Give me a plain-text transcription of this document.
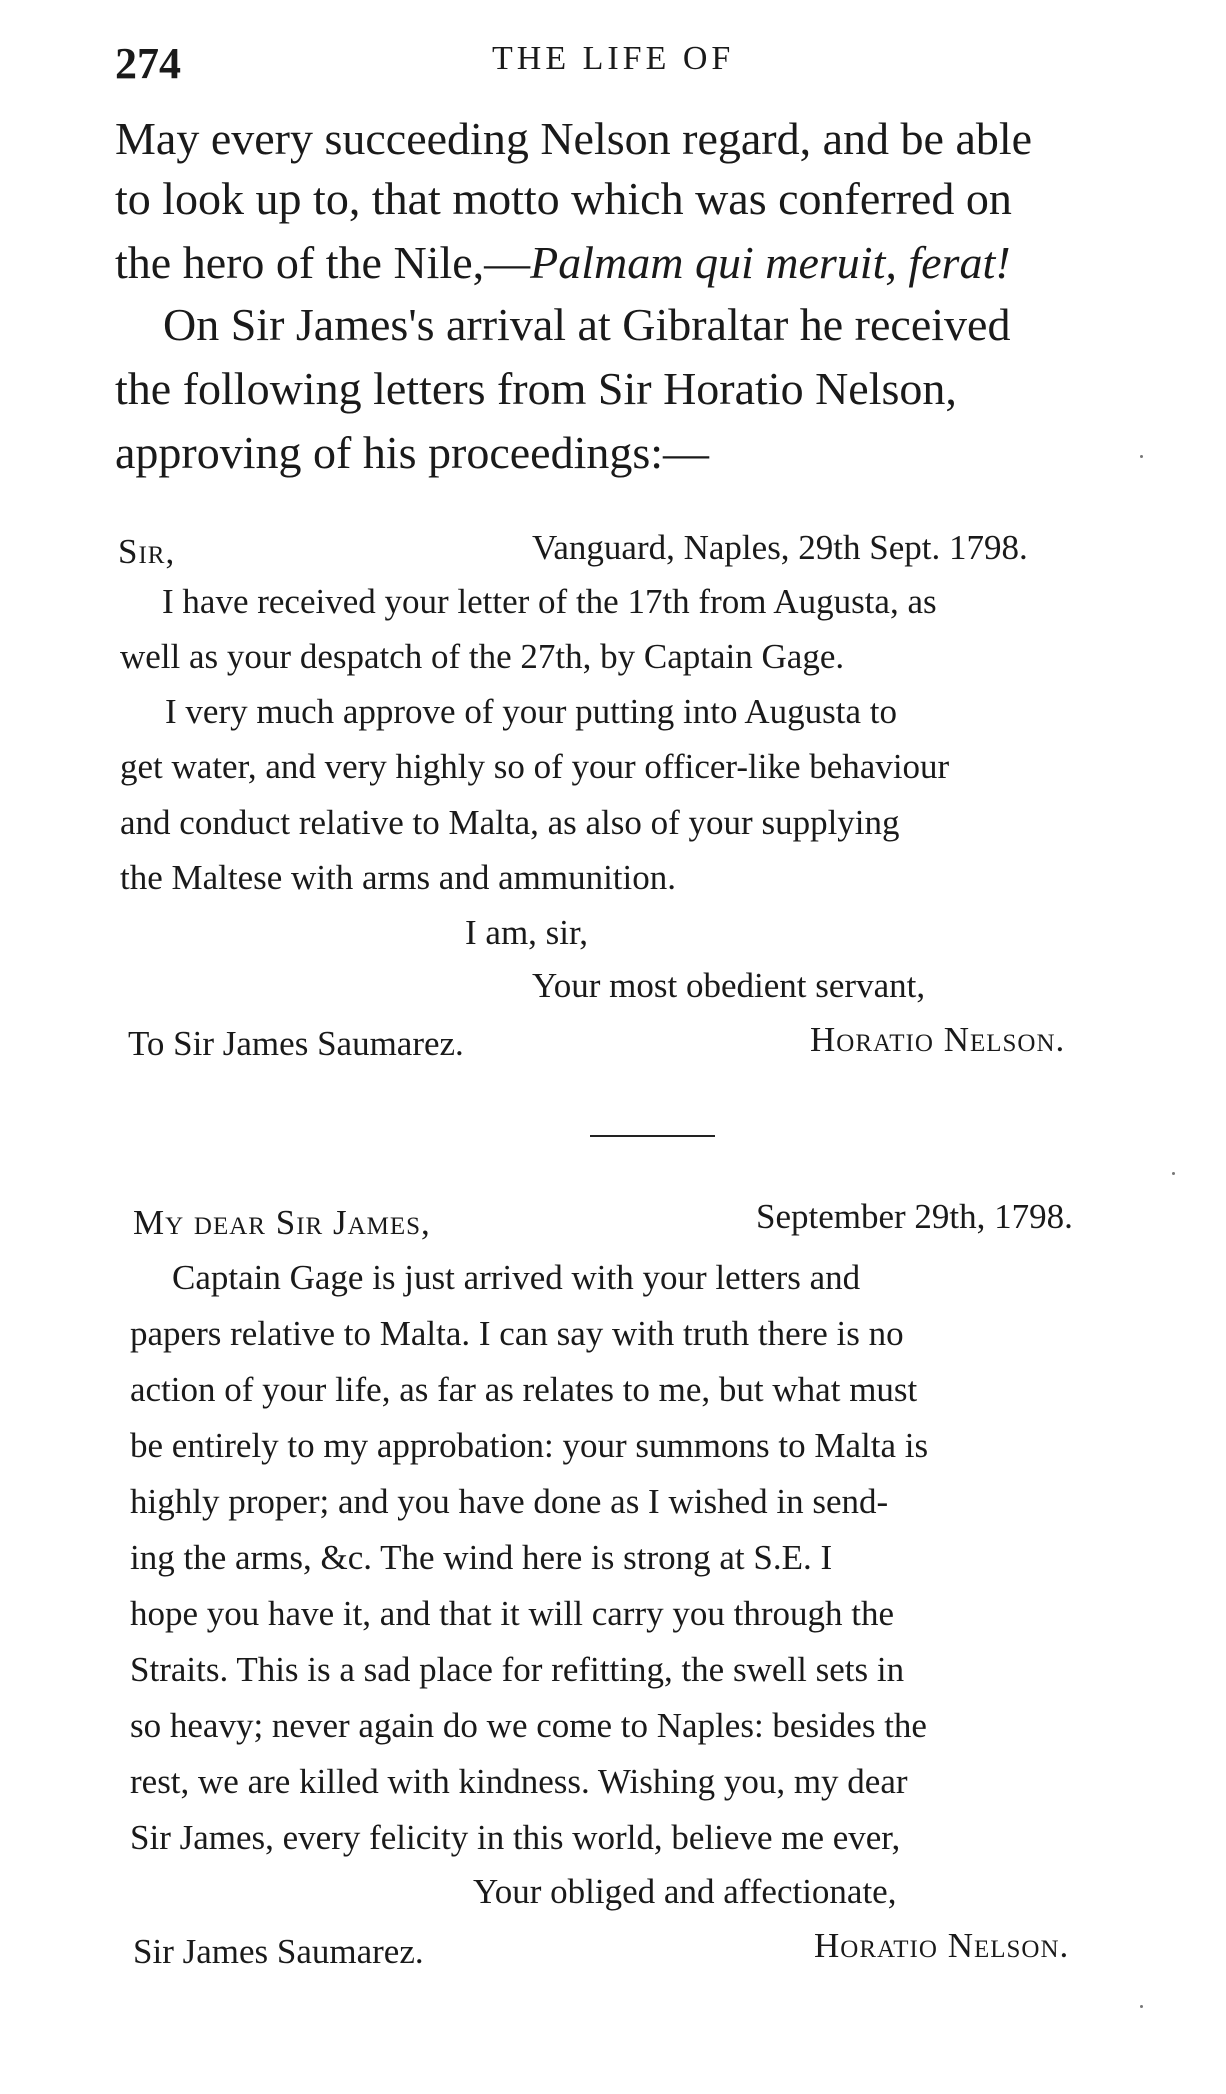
274	THE LIFE OF
May every succeeding Nelson regard, and be able
to look up to, that motto which was conferred on
the hero of the Nile,—Palmam qui meruit, ferat!
On Sir James's arrival at Gibraltar he received
the following letters from Sir Horatio Nelson,
approving of his proceedings:—
Sir,	Vanguard, Naples, 29th Sept. 1798.
I have received your letter of the 17th from Augusta, as
well as your despatch of the 27th, by Captain Gage.
I very much approve of your putting into Augusta to
get water, and very highly so of your officer-like behaviour
and conduct relative to Malta, as also of your supplying
the Maltese with arms and ammunition.
I am, sir,
Your most obedient servant,
To Sir James Saumarez.	Horatio Nelson.
My dear Sir James,	September 29th, 1798.
Captain Gage is just arrived with your letters and
papers relative to Malta. I can say with truth there is no
action of your life, as far as relates to me, but what must
be entirely to my approbation: your summons to Malta is
highly proper; and you have done as I wished in send-
ing the arms, &c. The wind here is strong at S.E. I
hope you have it, and that it will carry you through the
Straits. This is a sad place for refitting, the swell sets in
so heavy; never again do we come to Naples: besides the
rest, we are killed with kindness. Wishing you, my dear
Sir James, every felicity in this world, believe me ever,
Your obliged and affectionate,
Sir James Saumarez.	Horatio Nelson.
